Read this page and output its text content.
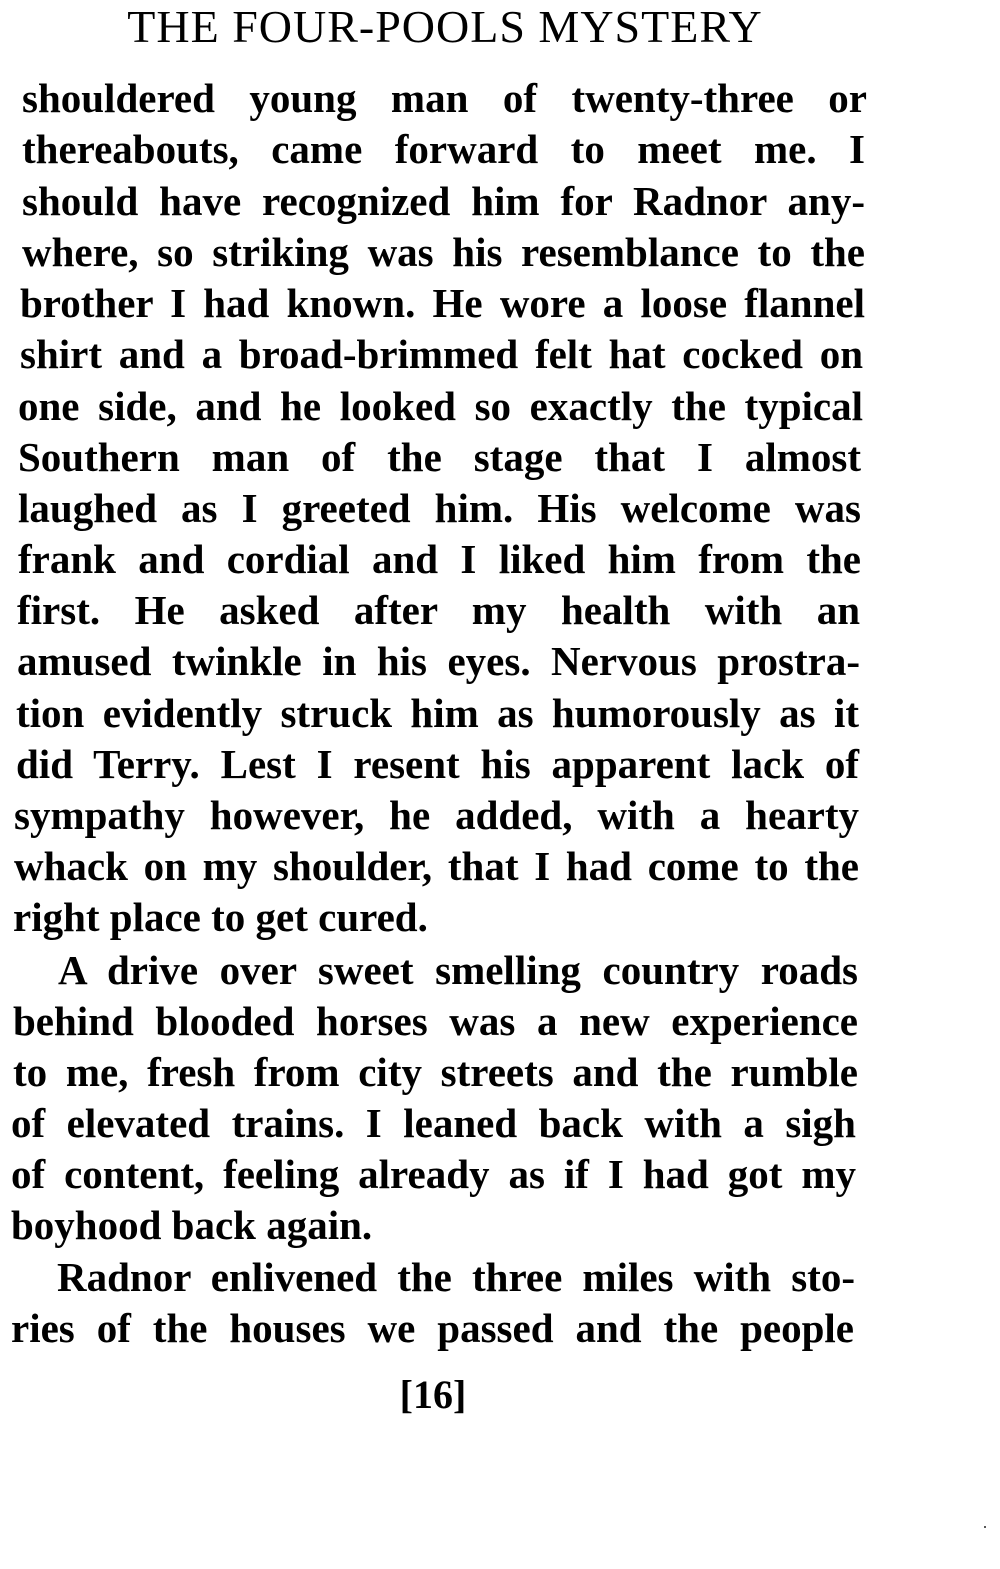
THE FOUR-POOLS MYSTERY
shouldered young man of twenty-three or
thereabouts, came forward to meet me. I
should have recognized him for Radnor any-
where, so striking was his resemblance to the
brother I had known. He wore a loose flannel
shirt and a broad-brimmed felt hat cocked on
one side, and he looked so exactly the typical
Southern man of the stage that I almost
laughed as I greeted him. His welcome was
frank and cordial and I liked him from the
first. He asked after my health with an
amused twinkle in his eyes. Nervous prostra-
tion evidently struck him as humorously as it
did Terry. Lest I resent his apparent lack of
sympathy however, he added, with a hearty
whack on my shoulder, that I had come to the
right place to get cured.
A drive over sweet smelling country roads
behind blooded horses was a new experience
to me, fresh from city streets and the rumble
of elevated trains. I leaned back with a sigh
of content, feeling already as if I had got my
boyhood back again.
Radnor enlivened the three miles with sto-
ries of the houses we passed and the people
[16]
